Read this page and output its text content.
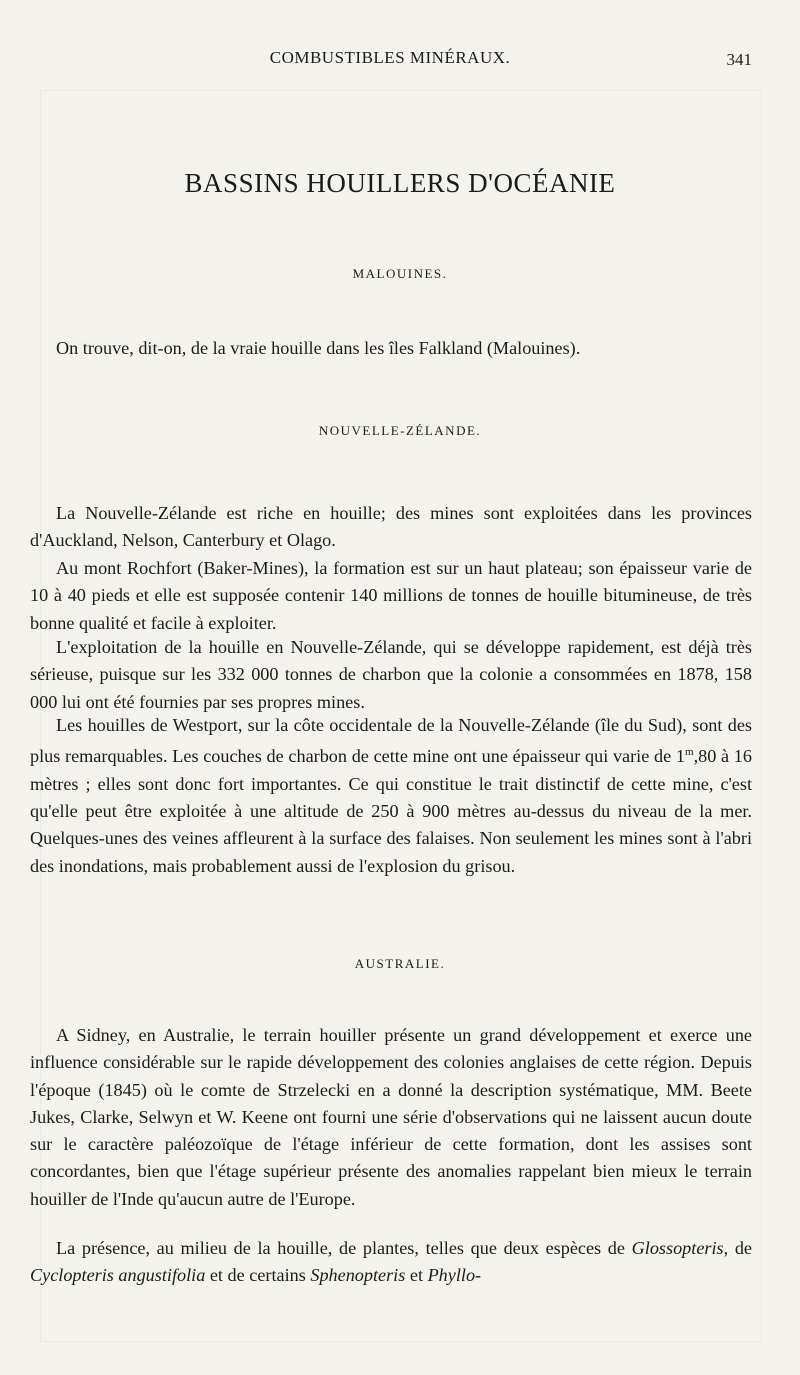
COMBUSTIBLES MINÉRAUX.	341
BASSINS HOUILLERS D'OCÉANIE
MALOUINES.

On trouve, dit-on, de la vraie houille dans les îles Falkland (Malouines).

NOUVELLE-ZÉLANDE.

La Nouvelle-Zélande est riche en houille; des mines sont exploitées dans les provinces d'Auckland, Nelson, Canterbury et Olago.

Au mont Rochfort (Baker-Mines), la formation est sur un haut plateau; son épaisseur varie de 10 à 40 pieds et elle est supposée contenir 140 millions de tonnes de houille bitumineuse, de très bonne qualité et facile à exploiter.

L'exploitation de la houille en Nouvelle-Zélande, qui se développe rapidement, est déjà très sérieuse, puisque sur les 332 000 tonnes de charbon que la colonie a consommées en 1878, 158 000 lui ont été fournies par ses propres mines.

Les houilles de Westport, sur la côte occidentale de la Nouvelle-Zélande (île du Sud), sont des plus remarquables. Les couches de charbon de cette mine ont une épaisseur qui varie de 1$^m$,80 à 16 mètres ; elles sont donc fort importantes. Ce qui constitue le trait distinctif de cette mine, c'est qu'elle peut être exploitée à une altitude de 250 à 900 mètres au-dessus du niveau de la mer. Quelques-unes des veines affleurent à la surface des falaises. Non seulement les mines sont à l'abri des inondations, mais probablement aussi de l'explosion du grisou.

AUSTRALIE.

A Sidney, en Australie, le terrain houiller présente un grand développement et exerce une influence considérable sur le rapide développement des colonies anglaises de cette région. Depuis l'époque (1845) où le comte de Strzelecki en a donné la description systématique, MM. Beete Jukes, Clarke, Selwyn et W. Keene ont fourni une série d'observations qui ne laissent aucun doute sur le caractère paléozoïque de l'étage inférieur de cette formation, dont les assises sont concordantes, bien que l'étage supérieur présente des anomalies rappelant bien mieux le terrain houiller de l'Inde qu'aucun autre de l'Europe.

La présence, au milieu de la houille, de plantes, telles que deux espèces de Glossopteris, de Cyclopteris angustifolia et de certains Sphenopteris et Phyllo-
